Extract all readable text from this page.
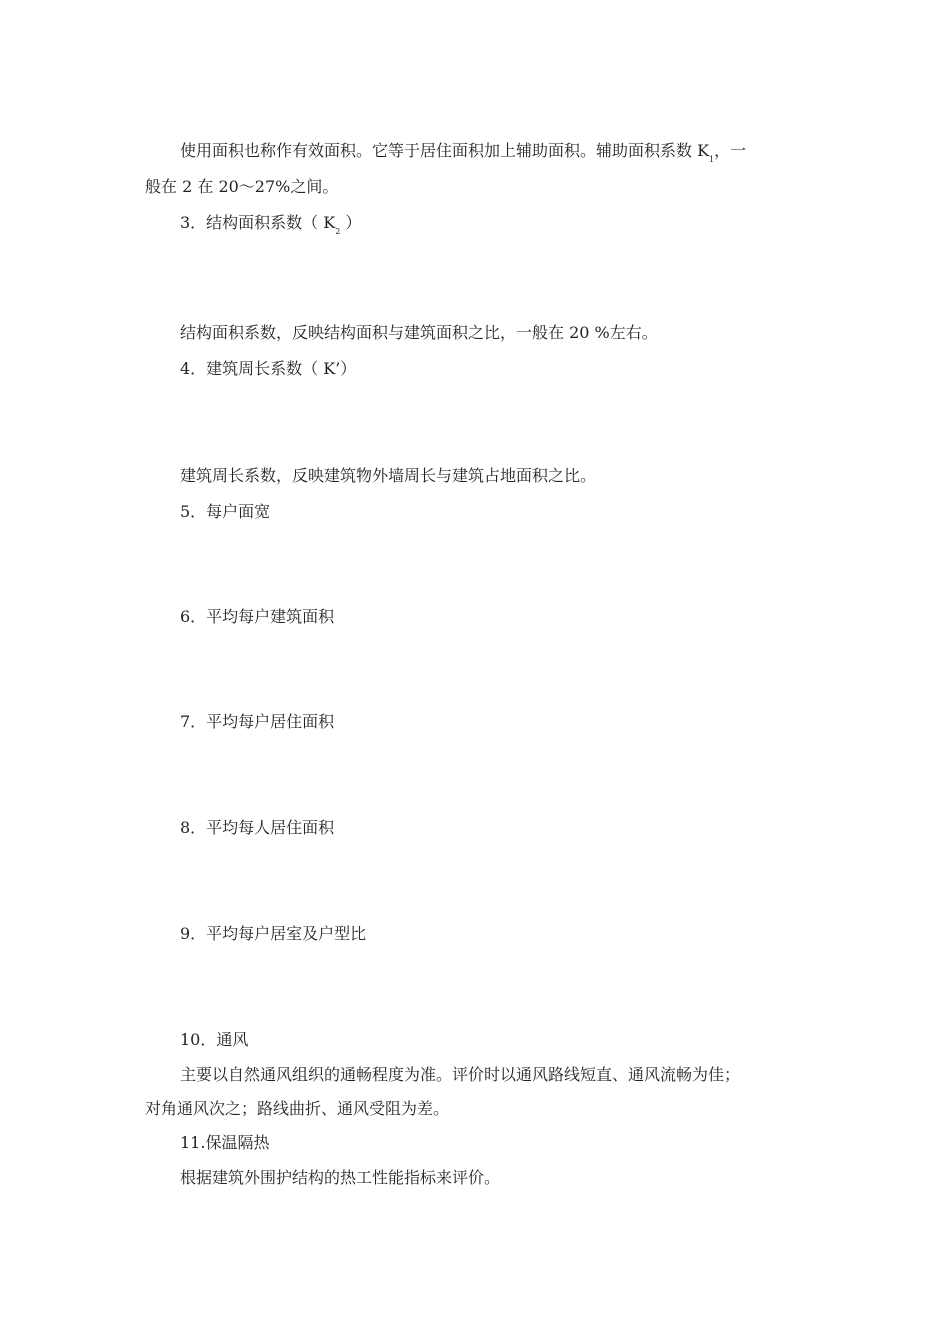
使用面积也称作有效面积。它等于居住面积加上辅助面积。辅助面积系数 $K_1$，一
般在 2 在 20～27%之间。
3．结构面积系数（ $K_2$ ）
结构面积系数，反映结构面积与建筑面积之比，一般在 20 %左右。
4．建筑周长系数（ K’）
建筑周长系数，反映建筑物外墙周长与建筑占地面积之比。
5．每户面宽
6．平均每户建筑面积
7．平均每户居住面积
8．平均每人居住面积
9．平均每户居室及户型比
10．通风
主要以自然通风组织的通畅程度为准。评价时以通风路线短直、通风流畅为佳；
对角通风次之；路线曲折、通风受阻为差。
11.保温隔热
根据建筑外围护结构的热工性能指标来评价。
